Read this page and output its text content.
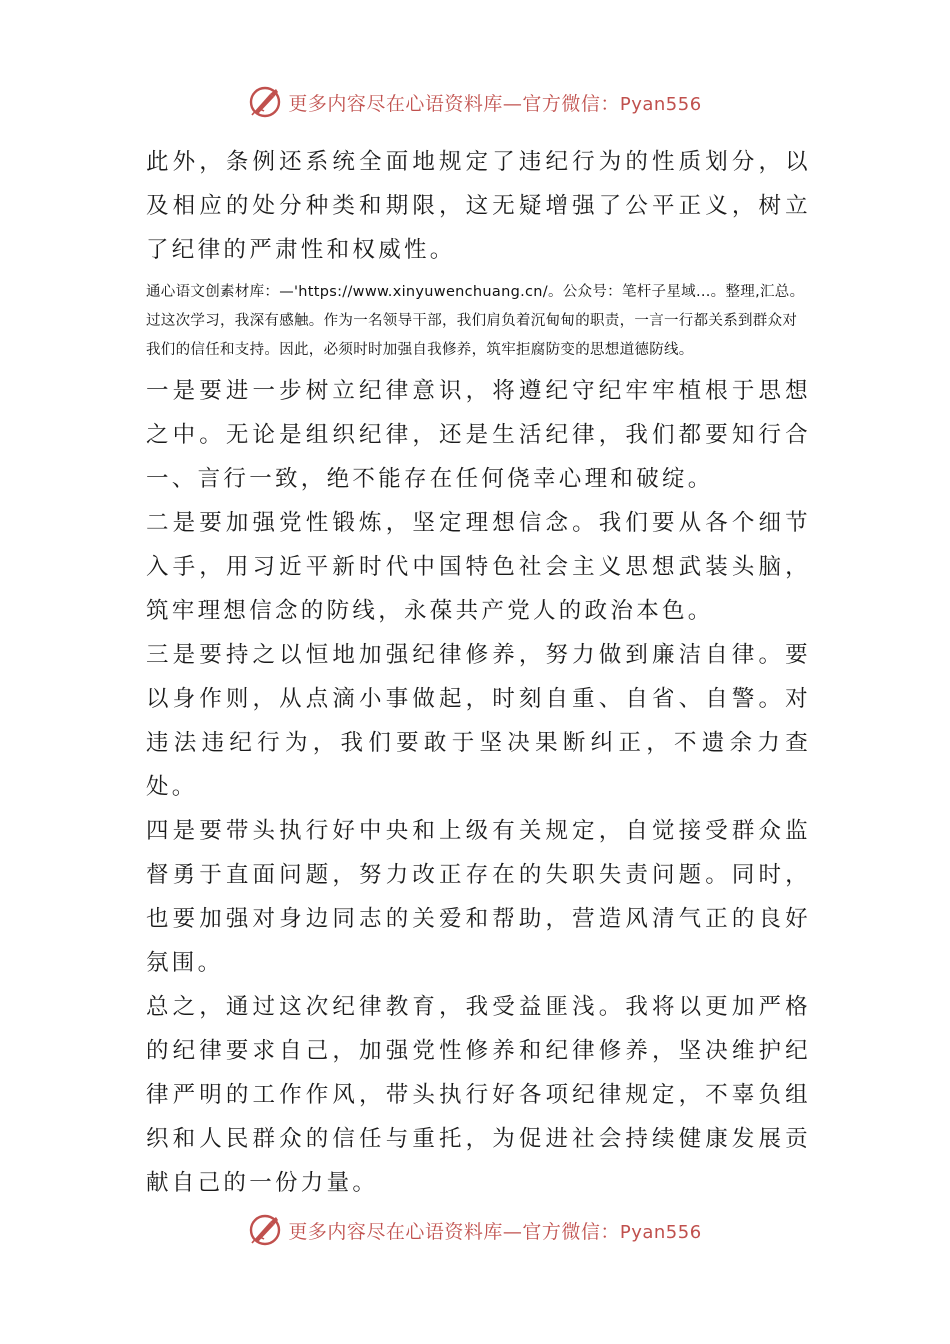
更多内容尽在心语资料库—官方微信：Pyan556

此外，条例还系统全面地规定了违纪行为的性质划分，以及相应的处分种类和期限，这无疑增强了公平正义，树立了纪律的严肃性和权威性。

通心语文创素材库：—'https://www.xinyuwenchuang.cn/。公众号：笔杆子星域...。整理,汇总。过这次学习，我深有感触。作为一名领导干部，我们肩负着沉甸甸的职责，一言一行都关系到群众对我们的信任和支持。因此，必须时时加强自我修养，筑牢拒腐防变的思想道德防线。

一是要进一步树立纪律意识，将遵纪守纪牢牢植根于思想之中。无论是组织纪律，还是生活纪律，我们都要知行合一、言行一致，绝不能存在任何侥幸心理和破绽。

二是要加强党性锻炼，坚定理想信念。我们要从各个细节入手，用习近平新时代中国特色社会主义思想武装头脑，筑牢理想信念的防线，永葆共产党人的政治本色。

三是要持之以恒地加强纪律修养，努力做到廉洁自律。要以身作则，从点滴小事做起，时刻自重、自省、自警。对违法违纪行为，我们要敢于坚决果断纠正，不遗余力查处。

四是要带头执行好中央和上级有关规定，自觉接受群众监督勇于直面问题，努力改正存在的失职失责问题。同时，也要加强对身边同志的关爱和帮助，营造风清气正的良好氛围。

总之，通过这次纪律教育，我受益匪浅。我将以更加严格的纪律要求自己，加强党性修养和纪律修养，坚决维护纪律严明的工作作风，带头执行好各项纪律规定，不辜负组织和人民群众的信任与重托，为促进社会持续健康发展贡献自己的一份力量。

更多内容尽在心语资料库—官方微信：Pyan556
